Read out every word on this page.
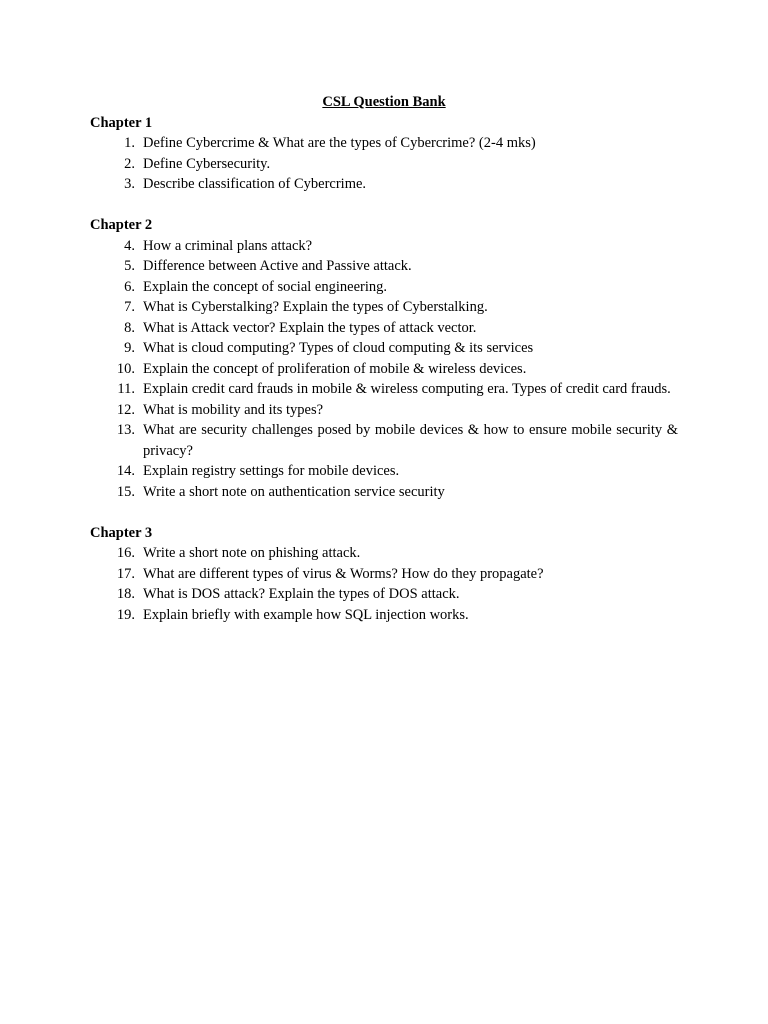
CSL Question Bank

Chapter 1

1 . Define Cybercrime & What are the types of Cybercrime? (2-4 mks)
2 . Define Cybersecurity.
3 . Describe classification of Cybercrime.

Chapter 2

4 . How a criminal plans attack?
5 . Difference between Active and Passive attack.
6 . Explain the concept of social engineering.
7 . What is Cyberstalking? Explain the types of Cyberstalking.
8 . What is Attack vector? Explain the types of attack vector.
9 . What is cloud computing? Types of cloud computing & its services
10 . Explain the concept of proliferation of mobile & wireless devices.
11 . Explain credit card frauds in mobile & wireless computing era. Types of credit card frauds.
12 . What is mobility and its types?
13 . What are security challenges posed by mobile devices & how to ensure mobile security & privacy?
14 . Explain registry settings for mobile devices.
15 . Write a short note on authentication service security

Chapter 3

16 . Write a short note on phishing attack.
17 . What are different types of virus & Worms? How do they propagate?
18 . What is DOS attack? Explain the types of DOS attack.
19 . Explain briefly with example how SQL injection works.
